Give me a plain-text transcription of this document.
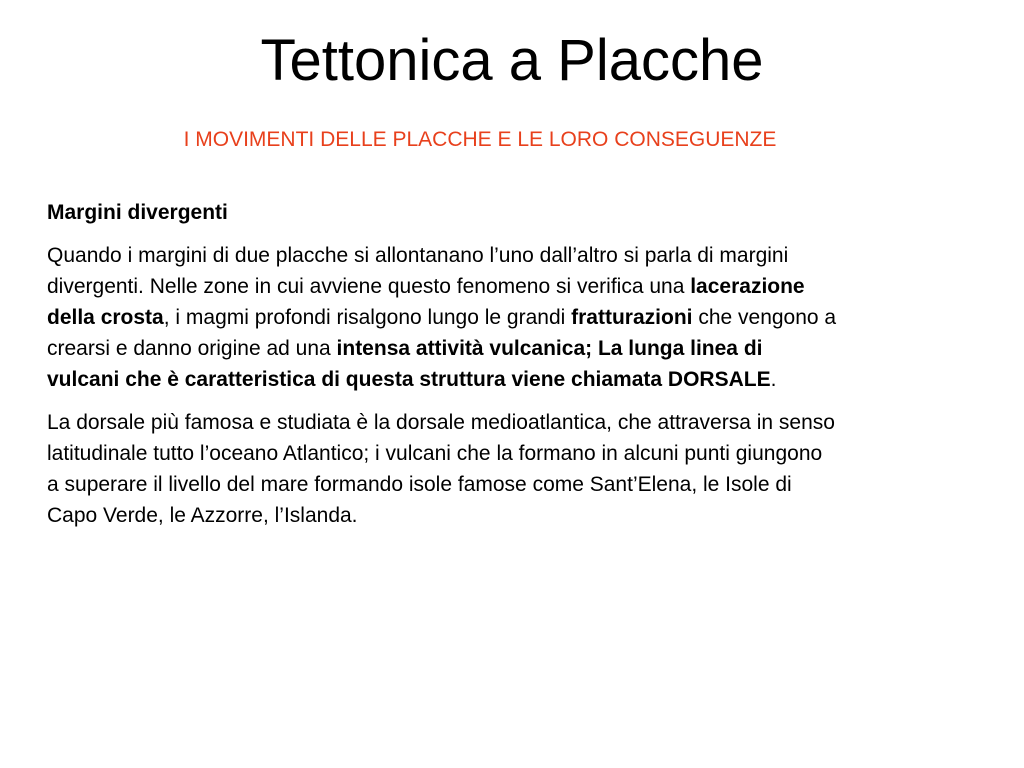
Tettonica a Placche

I MOVIMENTI DELLE PLACCHE E LE LORO CONSEGUENZE

Margini divergenti

Quando i margini di due placche si allontanano l’uno dall’altro si parla di margini divergenti. Nelle zone in cui avviene questo fenomeno si verifica una lacerazione della crosta, i magmi profondi risalgono lungo le grandi fratturazioni che vengono a crearsi e danno origine ad una intensa attività vulcanica; La lunga linea di vulcani che è caratteristica di questa struttura viene chiamata DORSALE.

La dorsale più famosa e studiata è la dorsale medioatlantica, che attraversa in senso latitudinale tutto l’oceano Atlantico; i vulcani che la formano in alcuni punti giungono a superare il livello del mare formando isole famose come Sant’Elena, le Isole di Capo Verde, le Azzorre, l’Islanda.
